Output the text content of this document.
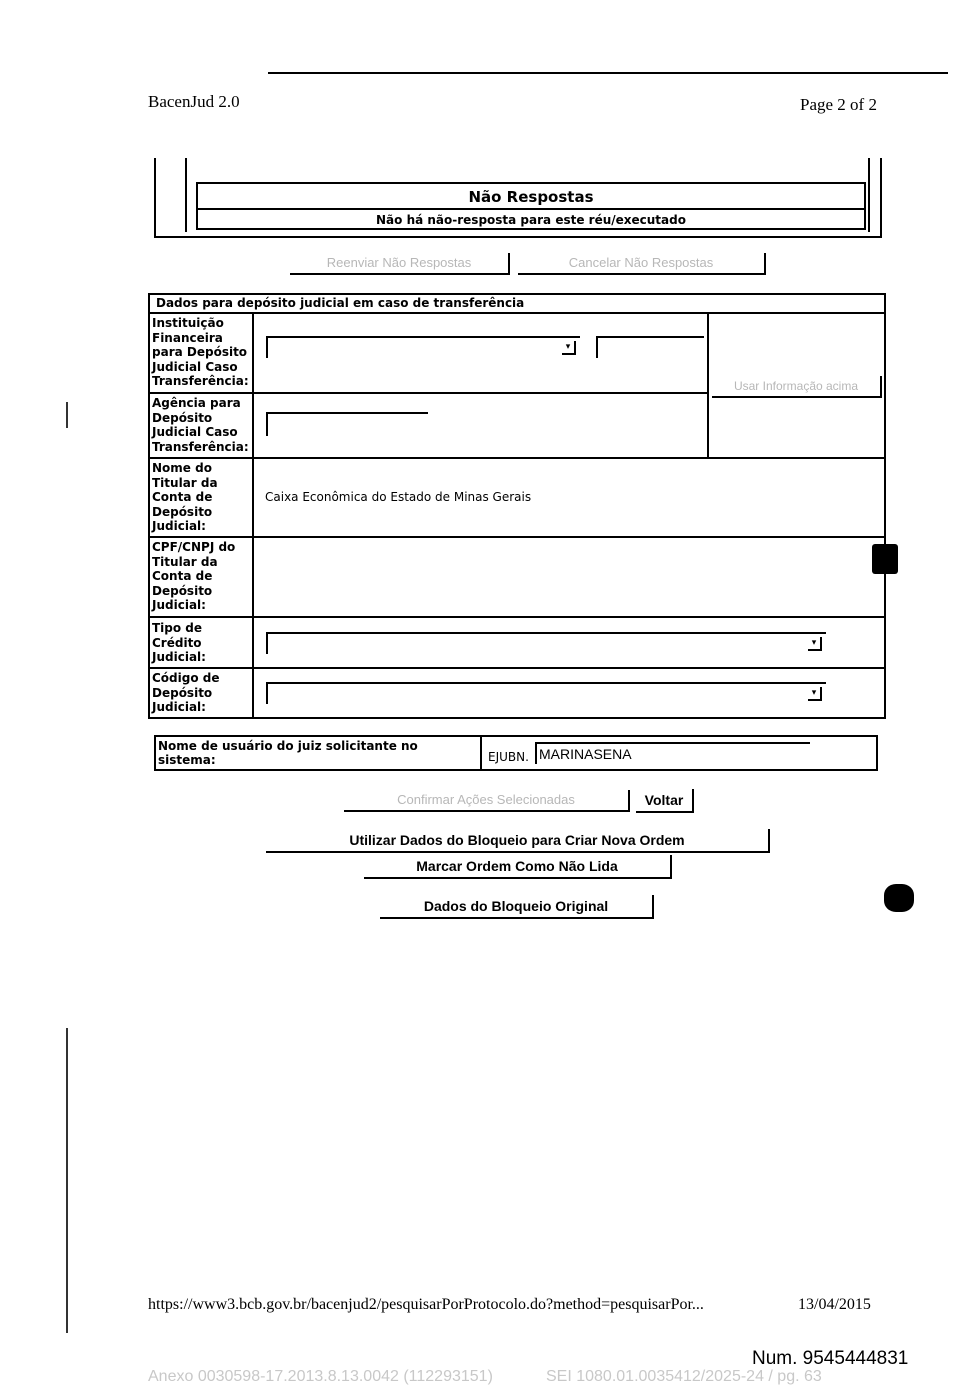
BacenJud 2.0	Page 2 of 2
Não Respostas
Não há não-resposta para este réu/executado
Reenviar Não Respostas	Cancelar Não Respostas
Dados para depósito judicial em caso de transferência
Instituição
Financeira
para Depósito
Judicial Caso
Transferência:
▾
Usar Informação acima
Agência para
Depósito
Judicial Caso
Transferência:
Nome do
Titular da
Conta de
Depósito
Judicial:
Caixa Econômica do Estado de Minas Gerais
CPF/CNPJ do
Titular da
Conta de
Depósito
Judicial:
Tipo de
Crédito
Judicial:
▾
Código de
Depósito
Judicial:
▾
Nome de usuário do juiz solicitante no sistema:	EJUBN. MARINASENA
Confirmar Ações Selecionadas	Voltar
Utilizar Dados do Bloqueio para Criar Nova Ordem
Marcar Ordem Como Não Lida
Dados do Bloqueio Original
https://www3.bcb.gov.br/bacenjud2/pesquisarPorProtocolo.do?method=pesquisarPor...	13/04/2015
Num. 9545444831
Anexo 0030598-17.2013.8.13.0042 (112293151)	SEI 1080.01.0035412/2025-24 / pg. 63
